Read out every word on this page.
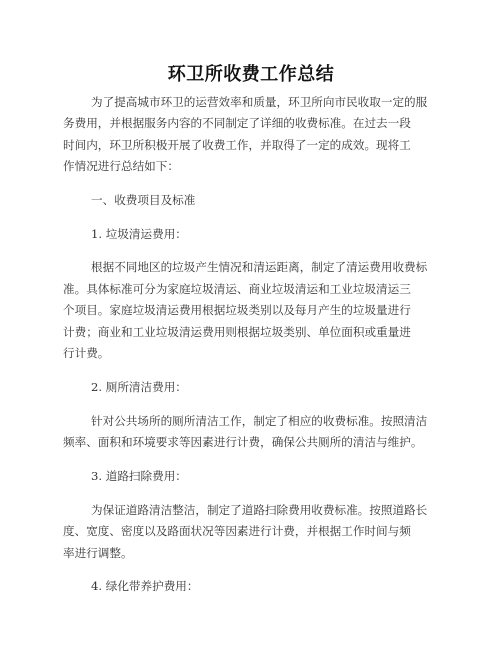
环卫所收费工作总结
为了提高城市环卫的运营效率和质量，环卫所向市民收取一定的服
务费用，并根据服务内容的不同制定了详细的收费标准。在过去一段
时间内，环卫所积极开展了收费工作，并取得了一定的成效。现将工
作情况进行总结如下：
一、收费项目及标准
1. 垃圾清运费用：
根据不同地区的垃圾产生情况和清运距离，制定了清运费用收费标
准。具体标准可分为家庭垃圾清运、商业垃圾清运和工业垃圾清运三
个项目。家庭垃圾清运费用根据垃圾类别以及每月产生的垃圾量进行
计费；商业和工业垃圾清运费用则根据垃圾类别、单位面积或重量进
行计费。
2. 厕所清洁费用：
针对公共场所的厕所清洁工作，制定了相应的收费标准。按照清洁
频率、面积和环境要求等因素进行计费，确保公共厕所的清洁与维护。
3. 道路扫除费用：
为保证道路清洁整洁，制定了道路扫除费用收费标准。按照道路长
度、宽度、密度以及路面状况等因素进行计费，并根据工作时间与频
率进行调整。
4. 绿化带养护费用：
